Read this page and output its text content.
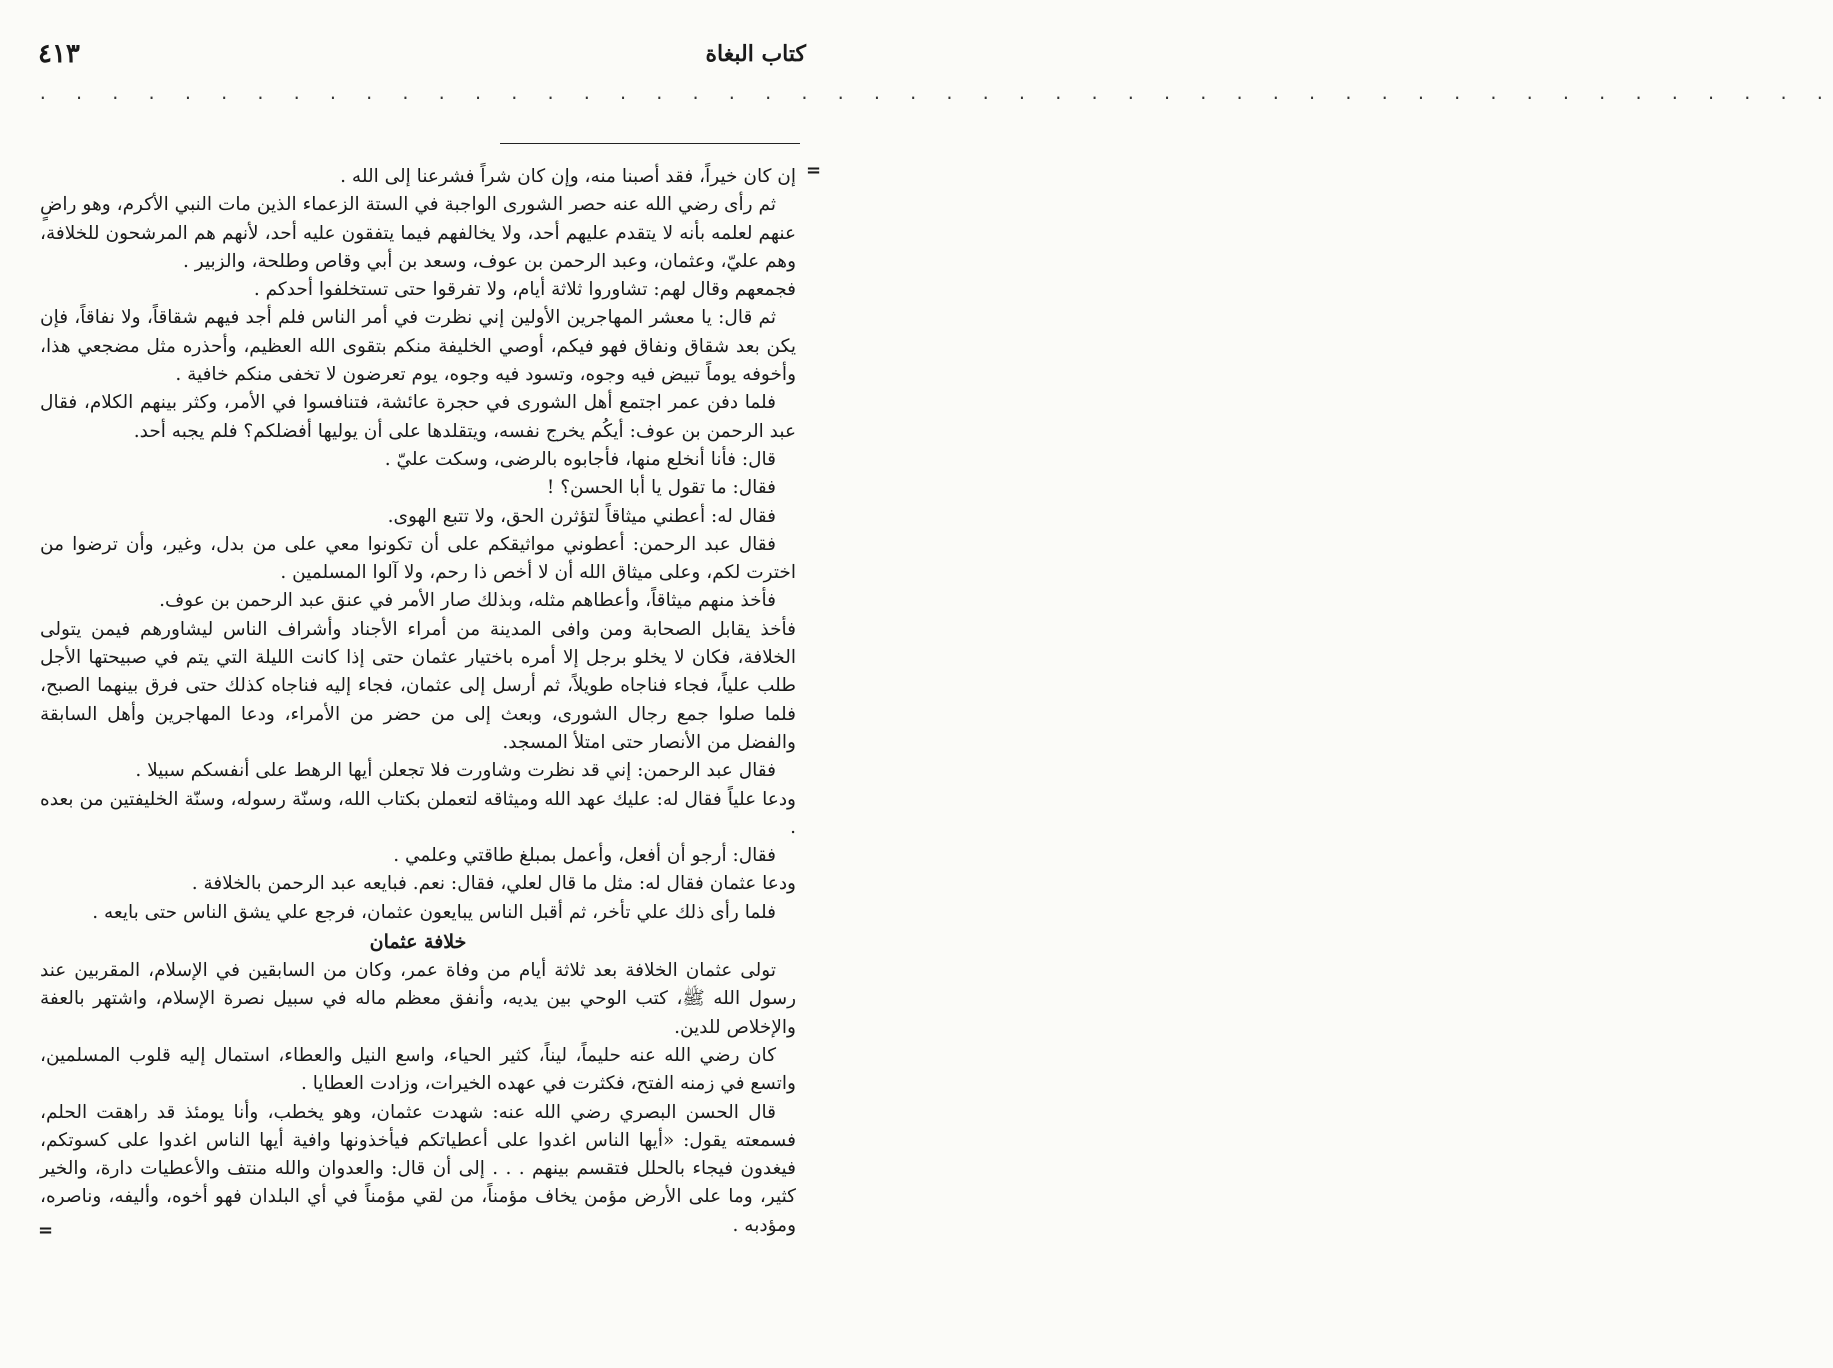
كتاب البغاة
٤١٣
. . . . . . . . . . . . . . . . . . . . . . . . . . . . . . . . . . . . . . . . . . . . . . . . . .
=
=

إن كان خيراً، فقد أصبنا منه، وإن كان شراً فشرعنا إلى الله .

ثم رأى رضي الله عنه حصر الشورى الواجبة في الستة الزعماء الذين مات النبي الأكرم، وهو راضٍ عنهم لعلمه بأنه لا يتقدم عليهم أحد، ولا يخالفهم فيما يتفقون عليه أحد، لأنهم هم المرشحون للخلافة، وهم عليّ، وعثمان، وعبد الرحمن بن عوف، وسعد بن أبي وقاص وطلحة، والزبير .

فجمعهم وقال لهم: تشاوروا ثلاثة أيام، ولا تفرقوا حتى تستخلفوا أحدكم .

ثم قال: يا معشر المهاجرين الأولين إني نظرت في أمر الناس فلم أجد فيهم شقاقاً، ولا نفاقاً، فإن يكن بعد شقاق ونفاق فهو فيكم، أوصي الخليفة منكم بتقوى الله العظيم، وأحذره مثل مضجعي هذا، وأخوفه يوماً تبيض فيه وجوه، وتسود فيه وجوه، يوم تعرضون لا تخفى منكم خافية .

فلما دفن عمر اجتمع أهل الشورى في حجرة عائشة، فتنافسوا في الأمر، وكثر بينهم الكلام، فقال عبد الرحمن بن عوف: أيكُم يخرج نفسه، ويتقلدها على أن يوليها أفضلكم؟ فلم يجبه أحد.

قال: فأنا أنخلع منها، فأجابوه بالرضى، وسكت عليّ .

فقال: ما تقول يا أبا الحسن؟ !

فقال له: أعطني ميثاقاً لتؤثرن الحق، ولا تتبع الهوى.

فقال عبد الرحمن: أعطوني مواثيقكم على أن تكونوا معي على من بدل، وغير، وأن ترضوا من اخترت لكم، وعلى ميثاق الله أن لا أخص ذا رحم، ولا آلوا المسلمين .

فأخذ منهم ميثاقاً، وأعطاهم مثله، وبذلك صار الأمر في عنق عبد الرحمن بن عوف.

فأخذ يقابل الصحابة ومن وافى المدينة من أمراء الأجناد وأشراف الناس ليشاورهم فيمن يتولى الخلافة، فكان لا يخلو برجل إلا أمره باختيار عثمان حتى إذا كانت الليلة التي يتم في صبيحتها الأجل طلب علياً، فجاء فناجاه طويلاً، ثم أرسل إلى عثمان، فجاء إليه فناجاه كذلك حتى فرق بينهما الصبح، فلما صلوا جمع رجال الشورى، وبعث إلى من حضر من الأمراء، ودعا المهاجرين وأهل السابقة والفضل من الأنصار حتى امتلأ المسجد.

فقال عبد الرحمن: إني قد نظرت وشاورت فلا تجعلن أيها الرهط على أنفسكم سبيلا .

ودعا علياً فقال له: عليك عهد الله وميثاقه لتعملن بكتاب الله، وسنّة رسوله، وسنّة الخليفتين من بعده .

فقال: أرجو أن أفعل، وأعمل بمبلغ طاقتي وعلمي .

ودعا عثمان فقال له: مثل ما قال لعلي، فقال: نعم. فبايعه عبد الرحمن بالخلافة .

فلما رأى ذلك علي تأخر، ثم أقبل الناس يبايعون عثمان، فرجع علي يشق الناس حتى بايعه .

خلافة عثمان

تولى عثمان الخلافة بعد ثلاثة أيام من وفاة عمر، وكان من السابقين في الإسلام، المقربين عند رسول الله ﷺ، كتب الوحي بين يديه، وأنفق معظم ماله في سبيل نصرة الإسلام، واشتهر بالعفة والإخلاص للدين.

كان رضي الله عنه حليماً، ليناً، كثير الحياء، واسع النيل والعطاء، استمال إليه قلوب المسلمين، واتسع في زمنه الفتح، فكثرت في عهده الخيرات، وزادت العطايا .

قال الحسن البصري رضي الله عنه: شهدت عثمان، وهو يخطب، وأنا يومئذ قد راهقت الحلم، فسمعته يقول: «أيها الناس اغدوا على أعطياتكم فيأخذونها وافية أيها الناس اغدوا على كسوتكم، فيغدون فيجاء بالحلل فتقسم بينهم . . . إلى أن قال: والعدوان والله منتف والأعطيات دارة، والخير كثير، وما على الأرض مؤمن يخاف مؤمناً، من لقي مؤمناً في أي البلدان فهو أخوه، وأليفه، وناصره، ومؤدبه .
